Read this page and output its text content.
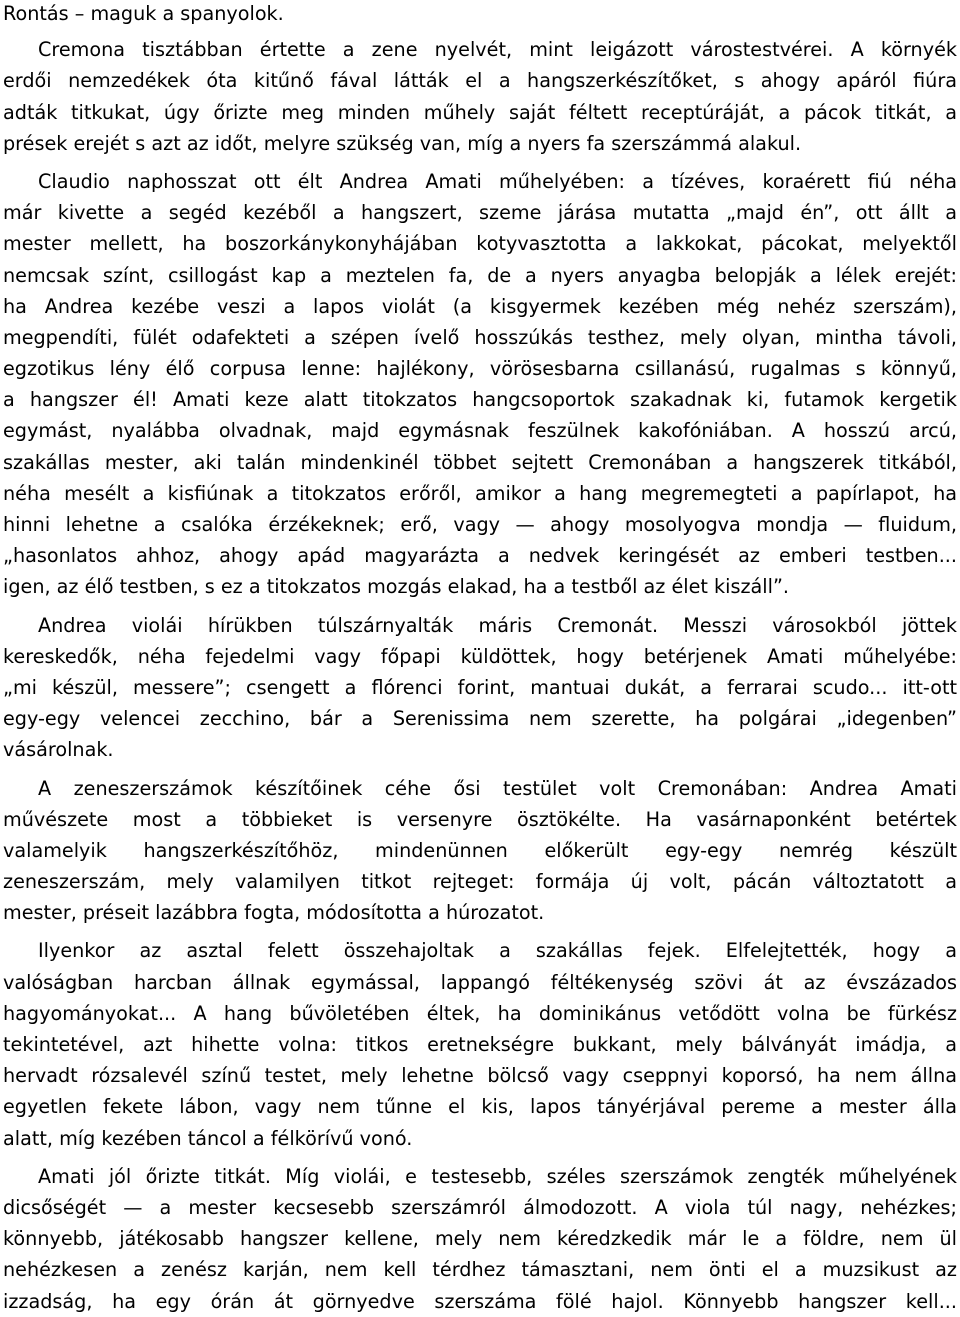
Rontás – maguk a spanyolok.
Cremona tisztábban értette a zene nyelvét, mint leigázott várostestvérei. A környék
erdői nemzedékek óta kitűnő fával látták el a hangszerkészítőket, s ahogy apáról fiúra
adták titkukat, úgy őrizte meg minden műhely saját féltett receptúráját, a pácok titkát, a
prések erejét s azt az időt, melyre szükség van, míg a nyers fa szerszámmá alakul.
Claudio naphosszat ott élt Andrea Amati műhelyében: a tízéves, koraérett fiú néha
már kivette a segéd kezéből a hangszert, szeme járása mutatta „majd én”, ott állt a
mester mellett, ha boszorkánykonyhájában kotyvasztotta a lakkokat, pácokat, melyektől
nemcsak színt, csillogást kap a meztelen fa, de a nyers anyagba belopják a lélek erejét:
ha Andrea kezébe veszi a lapos violát (a kisgyermek kezében még nehéz szerszám),
megpendíti, fülét odafekteti a szépen ívelő hosszúkás testhez, mely olyan, mintha távoli,
egzotikus lény élő corpusa lenne: hajlékony, vörösesbarna csillanású, rugalmas s könnyű,
a hangszer él! Amati keze alatt titokzatos hangcsoportok szakadnak ki, futamok kergetik
egymást, nyalábba olvadnak, majd egymásnak feszülnek kakofóniában. A hosszú arcú,
szakállas mester, aki talán mindenkinél többet sejtett Cremonában a hangszerek titkából,
néha mesélt a kisfiúnak a titokzatos erőről, amikor a hang megremegteti a papírlapot, ha
hinni lehetne a csalóka érzékeknek; erő, vagy — ahogy mosolyogva mondja — fluidum,
„hasonlatos ahhoz, ahogy apád magyarázta a nedvek keringését az emberi testben...
igen, az élő testben, s ez a titokzatos mozgás elakad, ha a testből az élet kiszáll”.
Andrea violái hírükben túlszárnyalták máris Cremonát. Messzi városokból jöttek
kereskedők, néha fejedelmi vagy főpapi küldöttek, hogy betérjenek Amati műhelyébe:
„mi készül, messere”; csengett a flórenci forint, mantuai dukát, a ferrarai scudo... itt-ott
egy-egy velencei zecchino, bár a Serenissima nem szerette, ha polgárai „idegenben”
vásárolnak.
A zeneszerszámok készítőinek céhe ősi testület volt Cremonában: Andrea Amati
művészete most a többieket is versenyre ösztökélte. Ha vasárnaponként betértek
valamelyik hangszerkészítőhöz, mindenünnen előkerült egy-egy nemrég készült
zeneszerszám, mely valamilyen titkot rejteget: formája új volt, pácán változtatott a
mester, préseit lazábbra fogta, módosította a húrozatot.
Ilyenkor az asztal felett összehajoltak a szakállas fejek. Elfelejtették, hogy a
valóságban harcban állnak egymással, lappangó féltékenység szövi át az évszázados
hagyományokat... A hang bűvöletében éltek, ha dominikánus vetődött volna be fürkész
tekintetével, azt hihette volna: titkos eretnekségre bukkant, mely bálványát imádja, a
hervadt rózsalevél színű testet, mely lehetne bölcső vagy cseppnyi koporsó, ha nem állna
egyetlen fekete lábon, vagy nem tűnne el kis, lapos tányérjával pereme a mester álla
alatt, míg kezében táncol a félkörívű vonó.
Amati jól őrizte titkát. Míg violái, e testesebb, széles szerszámok zengték műhelyének
dicsőségét — a mester kecsesebb szerszámról álmodozott. A viola túl nagy, nehézkes;
könnyebb, játékosabb hangszer kellene, mely nem kéredzkedik már le a földre, nem ül
nehézkesen a zenész karján, nem kell térdhez támasztani, nem önti el a muzsikust az
izzadság, ha egy órán át görnyedve szerszáma fölé hajol. Könnyebb hangszer kell...
